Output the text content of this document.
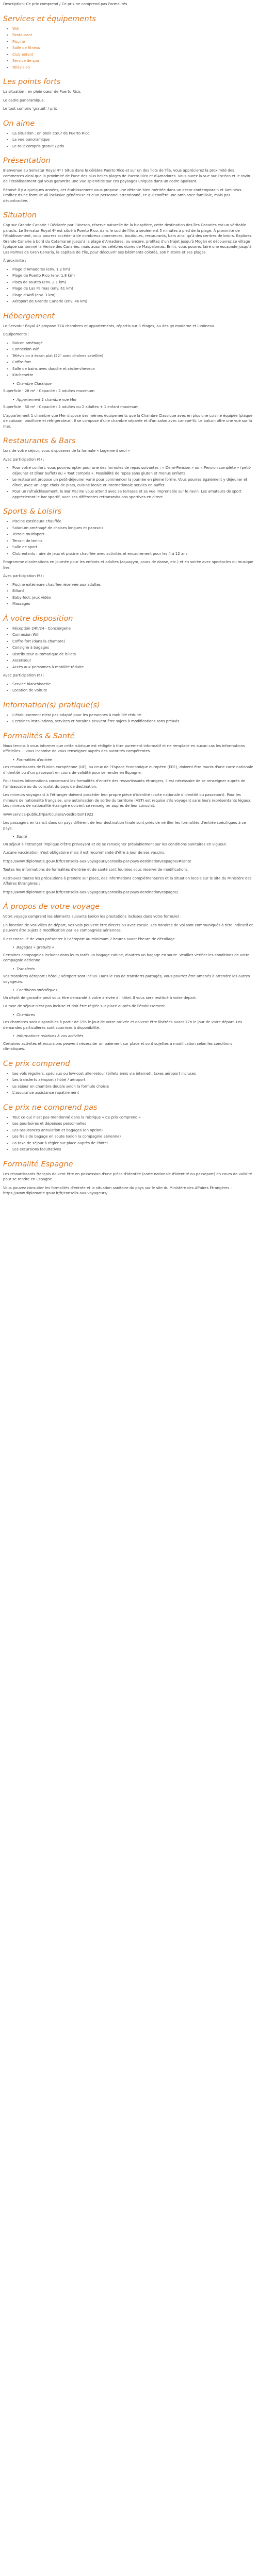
Description: Ce prix comprend / Ce prix ne comprend pas Formalités

Services et équipements
• Wifi
• Restaurant
• Piscine
• Salle de fitness
• Club enfant
• Service de spa
• Télévision
Les points forts

La situation : en plein cœur de Puerto Rico.

Le cadre panoramique.

Le tout compris 'gratuit' / prix

On aime
• La situation : en plein cœur de Puerto Rico
• La vue panoramique
• Le tout compris gratuit / prix
Présentation

Bienvenue au Servatur Royal 4* ! Situé dans le célèbre Puerto Rico et sur un des îlots de l'île, vous apprécierez la proximité des commerces ainsi que la proximité de l'une des plus belles plages de Puerto Rico et d'Amadores. Vous aurez la vue sur l'océan et le ravin de l'établissement qui vous garantira une vue splendide sur ces paysages uniques dans un cadre apaisant.

Rénové il y a quelques années, cet établissement vous propose une détente bien méritée dans un décor contemporain et lumineux. Profitez d'une formule all inclusive généreuse et d'un personnel attentionné, ce qui confère une ambiance familiale, mais pas décontractée.

Situation

Cap sur Grande Canarie ! Déclarée par l'Unesco, réserve naturelle de la biosphère, cette destination des îles Canaries est un véritable paradis. Le Servatur Royal 4* est situé à Puerto Rico, dans le sud de l'île, à seulement 5 minutes à pied de la plage. À proximité de l'établissement, vous pourrez accéder à de nombreux commerces, boutiques, restaurants, bars ainsi qu'à des centres de loisirs. Explorez Grande Canarie à bord du Catamaran jusqu'à la plage d'Amadores, ou encore, profitez d'un trajet jusqu'à Mogán et découvrez ce village typique surnommé la Venise des Canaries, mais aussi les célèbres dunes de Maspalomas. Enfin, vous pourrez faire une escapade jusqu'à Las Palmas de Gran Canaria, la capitale de l'île, pour découvrir ses bâtiments colorés, son histoire et ses plages.

À proximité :

• Plage d'Amadores (env. 1,2 km)
• Plage de Puerto Rico (env. 1,8 km)
• Plaza de Taurito (env. 2,1 km)
• Plage de Las Palmas (env. 61 km)
• Plage d'Anfi (env. 3 km)
• Aéroport de Grande Canarie (env. 46 km)
Hébergement

Le Servatur Royal 4* propose 374 chambres et appartements, répartis sur 3 étages, au design moderne et lumineux.

Équipements :

• Balcon aménagé
• Connexion Wifi
• Télévision à écran plat (22" avec chaînes satellite)
• Coffre-fort
• Salle de bains avec douche et sèche-cheveux
• Kitchenette
• Chambre Classique

Superficie : 28 m² - Capacité : 2 adultes maximum

• Appartement 1 chambre vue Mer

Superficie : 50 m² - Capacité : 2 adultes ou 2 adultes + 1 enfant maximum

L'appartement 1 chambre vue Mer dispose des mêmes équipements que la Chambre Classique avec en plus une cuisine équipée (plaque de cuisson, bouilloire et réfrigérateur). Il se compose d'une chambre séparée et d'un salon avec canapé-lit. Le balcon offre une vue sur la mer.

Restaurants & Bars

Lors de votre séjour, vous disposerez de la formule « Logement seul »

Avec participation (€) :

• Pour votre confort, vous pourrez opter pour une des formules de repas suivantes : « Demi-Pension » ou « Pension complète » (petit-déjeuner et dîner buffet) ou « Tout compris ». Possibilité de repas sans gluten et menus enfants.
• Le restaurant propose un petit-déjeuner varié pour commencer la journée en pleine forme. Vous pourrez également y déjeuner et dîner, avec un large choix de plats, cuisine locale et internationale servies en buffet.
• Pour un rafraîchissement, le Bar Piscine vous attend avec sa terrasse et sa vue imprenable sur le ravin. Les amateurs de sport apprécieront le bar sportif, avec ses différentes retransmissions sportives en direct.
Sports & Loisirs
• Piscine extérieure chauffée
• Solarium aménagé de chaises longues et parasols
• Terrain multisport
• Terrain de tennis
• Salle de sport
• Club enfants : aire de jeux et piscine chauffée avec activités et encadrement pour les 4 à 12 ans

Programme d'animations en journée pour les enfants et adultes (aquagym, cours de danse, etc.) et en soirée avec spectacles ou musique live.

Avec participation (€) :

• Piscine extérieure chauffée réservée aux adultes
• Billard
• Baby-foot, jeux vidéo
• Massages
À votre disposition
• Réception 24h/24 - Conciergerie
• Connexion Wifi
• Coffre-fort (dans la chambre)
• Consigne à bagages
• Distributeur automatique de billets
• Ascenseur
• Accès aux personnes à mobilité réduite

Avec participation (€) :

• Service blanchisserie
• Location de voiture
Information(s) pratique(s)
• L'établissement n'est pas adapté pour les personnes à mobilité réduite.
• Certaines installations, services et horaires peuvent être sujets à modifications sans préavis.
Formalités & Santé

Nous tenons à vous informer que cette rubrique est rédigée à titre purement informatif et ne remplace en aucun cas les informations officielles. Il vous incombe de vous renseigner auprès des autorités compétentes.

• Formalités d'entrée

Les ressortissants de l'Union européenne (UE), ou ceux de l'Espace économique européen (EEE), doivent être munis d'une carte nationale d'identité ou d'un passeport en cours de validité pour se rendre en Espagne.

Pour toutes informations concernant les formalités d'entrée des ressortissants étrangers, il est nécessaire de se renseigner auprès de l'ambassade ou du consulat du pays de destination.

Les mineurs voyageant à l'étranger doivent posséder leur propre pièce d'identité (carte nationale d'identité ou passeport). Pour les mineurs de nationalité française, une autorisation de sortie du territoire (AST) est requise s'ils voyagent sans leurs représentants légaux. Les mineurs de nationalité étrangère doivent se renseigner auprès de leur consulat.

www.service-public.fr/particuliers/vosdroits/F1922

Les passagers en transit dans un pays différent de leur destination finale sont priés de vérifier les formalités d'entrée spécifiques à ce pays.

• Santé

Un séjour à l'étranger implique d'être prévoyant et de se renseigner préalablement sur les conditions sanitaires en vigueur.

Aucune vaccination n'est obligatoire mais il est recommandé d'être à jour de ses vaccins.

https://www.diplomatie.gouv.fr/fr/conseils-aux-voyageurs/conseils-par-pays-destination/espagne/#sante

Toutes les informations de formalités d'entrée et de santé sont fournies sous réserve de modifications.

Retrouvez toutes les précautions à prendre sur place, des informations complémentaires et la situation locale sur le site du Ministère des Affaires Étrangères :

https://www.diplomatie.gouv.fr/fr/conseils-aux-voyageurs/conseils-par-pays-destination/espagne/

À propos de votre voyage

Votre voyage comprend les éléments suivants (selon les prestations incluses dans votre formule) :

En fonction de vos villes de départ, vos vols peuvent être directs ou avec escale. Les horaires de vol sont communiqués à titre indicatif et peuvent être sujets à modification par les compagnies aériennes.

Il est conseillé de vous présenter à l'aéroport au minimum 2 heures avant l'heure de décollage.

• Bagages « gratuits »

Certaines compagnies incluent dans leurs tarifs un bagage cabine, d'autres un bagage en soute. Veuillez vérifier les conditions de votre compagnie aérienne.

• Transferts

Vos transferts aéroport / hôtel / aéroport sont inclus. Dans le cas de transferts partagés, vous pourrez être amenés à attendre les autres voyageurs.

• Conditions spécifiques

Un dépôt de garantie peut vous être demandé à votre arrivée à l'hôtel. Il vous sera restitué à votre départ.

La taxe de séjour n'est pas incluse et doit être réglée sur place auprès de l'établissement.

• Chambres

Les chambres sont disponibles à partir de 15h le jour de votre arrivée et doivent être libérées avant 12h le jour de votre départ. Les demandes particulières sont soumises à disponibilité.

• Informations relatives à vos activités

Certaines activités et excursions peuvent nécessiter un paiement sur place et sont sujettes à modification selon les conditions climatiques.

Ce prix comprend
• Les vols réguliers, spéciaux ou low-cost aller-retour (billets émis via internet), taxes aéroport incluses
• Les transferts aéroport / hôtel / aéroport
• Le séjour en chambre double selon la formule choisie
• L'assurance assistance rapatriement
Ce prix ne comprend pas
• Tout ce qui n'est pas mentionné dans la rubrique « Ce prix comprend »
• Les pourboires et dépenses personnelles
• Les assurances annulation et bagages (en option)
• Les frais de bagage en soute (selon la compagnie aérienne)
• La taxe de séjour à régler sur place auprès de l'hôtel
• Les excursions facultatives
Formalité Espagne

Les ressortissants français doivent être en possession d'une pièce d'identité (carte nationale d'identité ou passeport) en cours de validité pour se rendre en Espagne.

Vous pouvez consulter les formalités d'entrée et la situation sanitaire du pays sur le site du Ministère des Affaires Étrangères : https://www.diplomatie.gouv.fr/fr/conseils-aux-voyageurs/
